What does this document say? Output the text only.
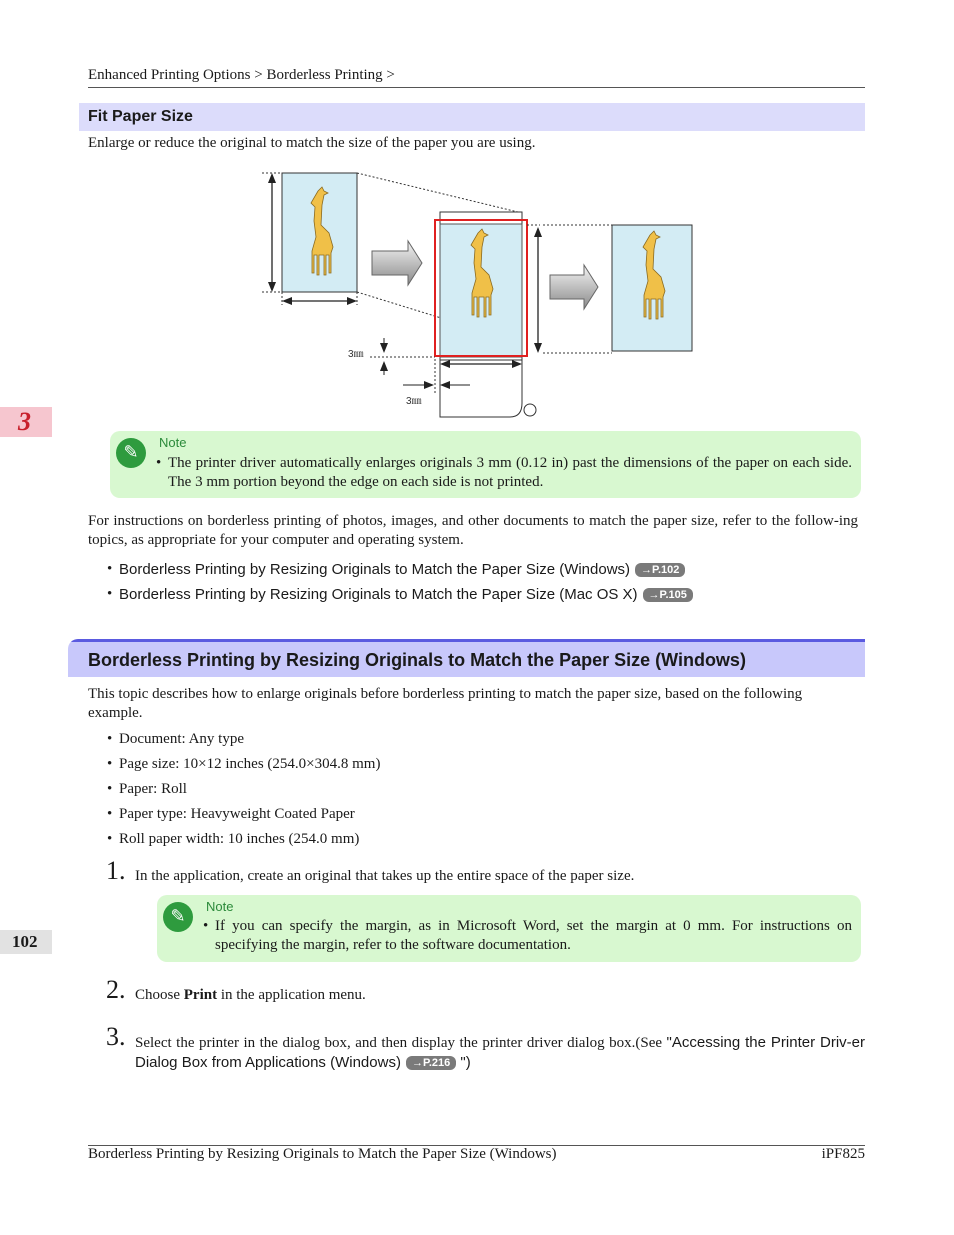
Enhanced Printing Options > Borderless Printing >
Fit Paper Size
Enlarge or reduce the original to match the size of the paper you are using.
3㎜
3㎜
✎	Note
• The printer driver automatically enlarges originals 3 mm (0.12 in) past the dimensions of the paper on each side. The 3 mm portion beyond the edge on each side is not printed.
For instructions on borderless printing of photos, images, and other documents to match the paper size, refer to the follow-ing topics, as appropriate for your computer and operating system.
• Borderless Printing by Resizing Originals to Match the Paper Size (Windows) →P.102
• Borderless Printing by Resizing Originals to Match the Paper Size (Mac OS X) →P.105
Borderless Printing by Resizing Originals to Match the Paper Size (Windows)
This topic describes how to enlarge originals before borderless printing to match the paper size, based on the following example.
• Document: Any type
• Page size: 10×12 inches (254.0×304.8 mm)
• Paper: Roll
• Paper type: Heavyweight Coated Paper
• Roll paper width: 10 inches (254.0 mm)
1. In the application, create an original that takes up the entire space of the paper size.
✎	Note
• If you can specify the margin, as in Microsoft Word, set the margin at 0 mm. For instructions on specifying the margin, refer to the software documentation.
2. Choose Print in the application menu.
3. Select the printer in the dialog box, and then display the printer driver dialog box.(See "Accessing the Printer Driv-er Dialog Box from Applications (Windows) →P.216 ")
3
102
Borderless Printing by Resizing Originals to Match the Paper Size (Windows)	iPF825
